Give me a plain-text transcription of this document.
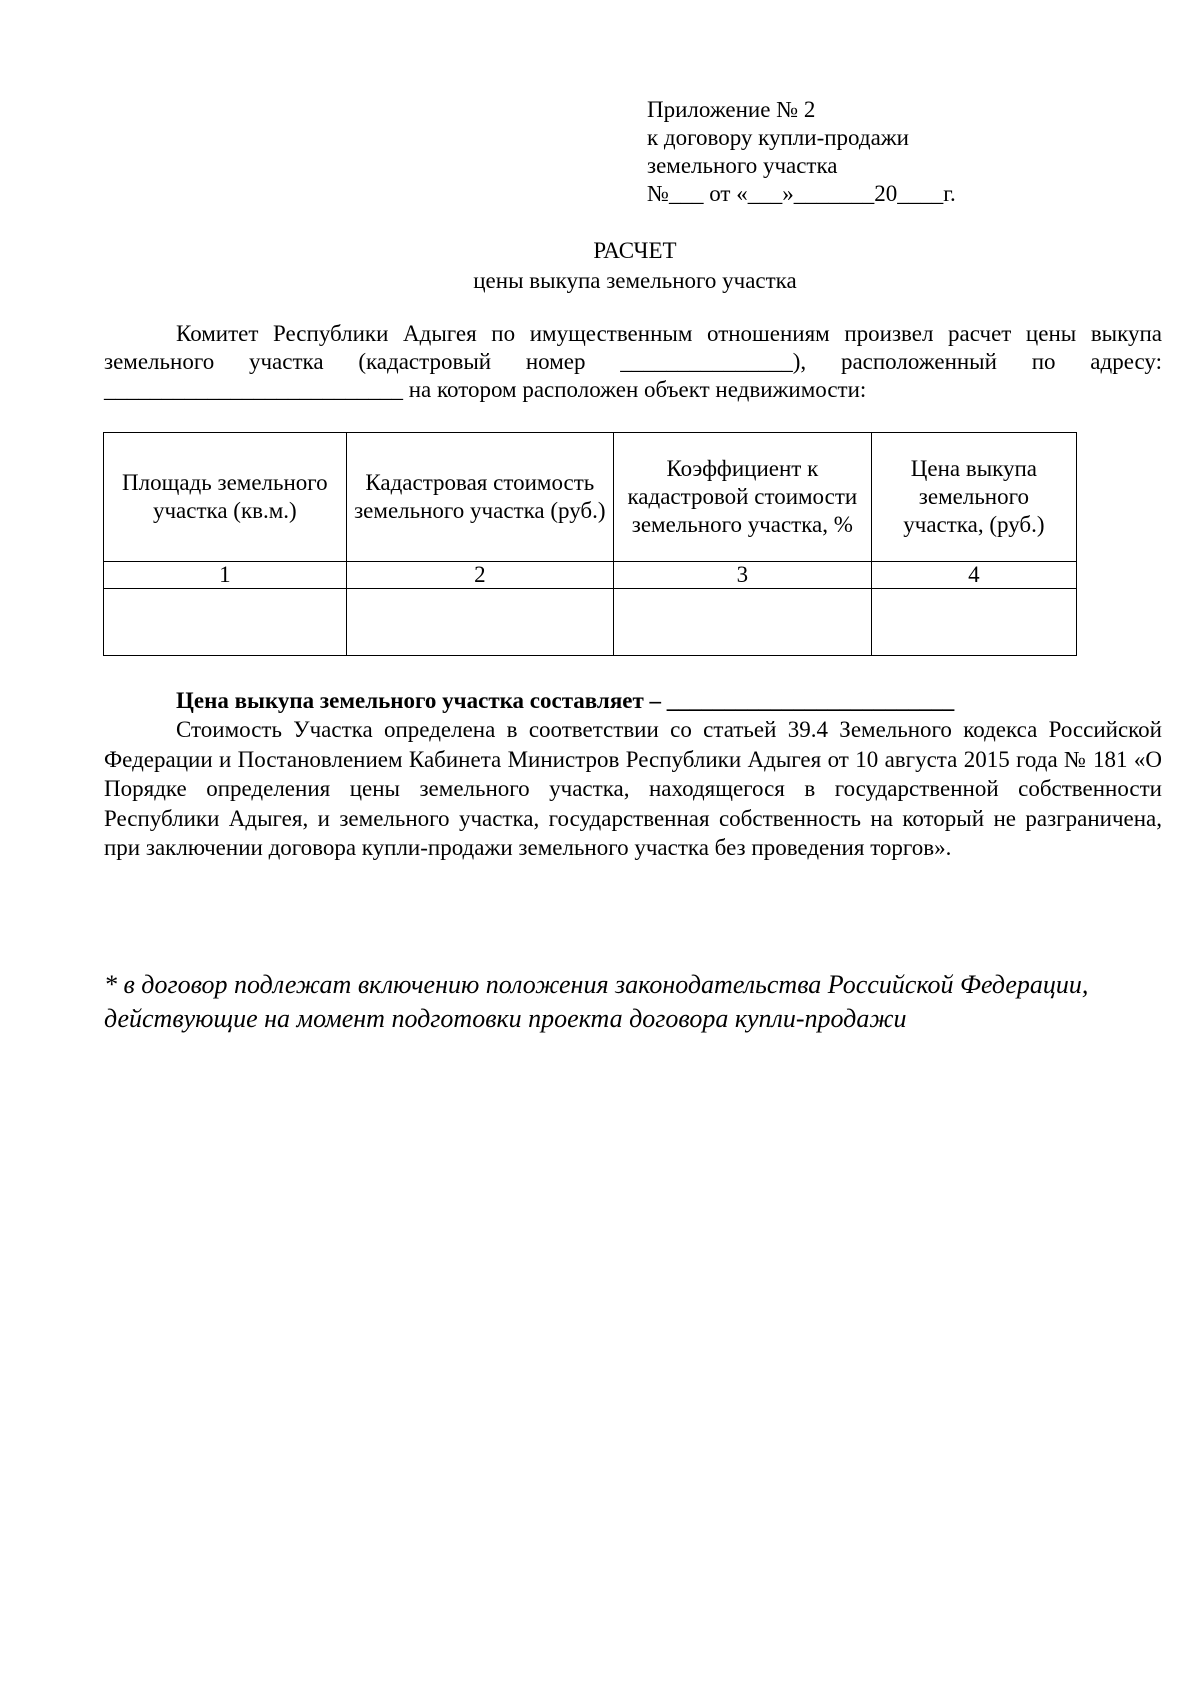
Приложение № 2
к договору купли-продажи
земельного участка
№___ от «___»_______20____г.
РАСЧЕТ
цены выкупа земельного участка
Комитет Республики Адыгея по имущественным отношениям произвел расчет цены выкупа
земельного участка (кадастровый номер _______________), расположенный по адресу:
__________________________ на котором расположен объект недвижимости:
Площадь земельного участка (кв.м.)	Кадастровая стоимость земельного участка (руб.)	Коэффициент к кадастровой стоимости земельного участка, %	Цена выкупа земельного участка, (руб.)
1	2	3	4

Цена выкупа земельного участка составляет – _________________________
Стоимость Участка определена в соответствии со статьей 39.4 Земельного кодекса Российской Федерации и Постановлением Кабинета Министров Республики Адыгея от 10 августа 2015 года № 181 «О Порядке определения цены земельного участка, находящегося в государственной собственности Республики Адыгея, и земельного участка, государственная собственность на который не разграничена, при заключении договора купли-продажи земельного участка без проведения торгов».
* в договор подлежат включению положения законодательства Российской Федерации,
действующие на момент подготовки проекта договора купли-продажи
